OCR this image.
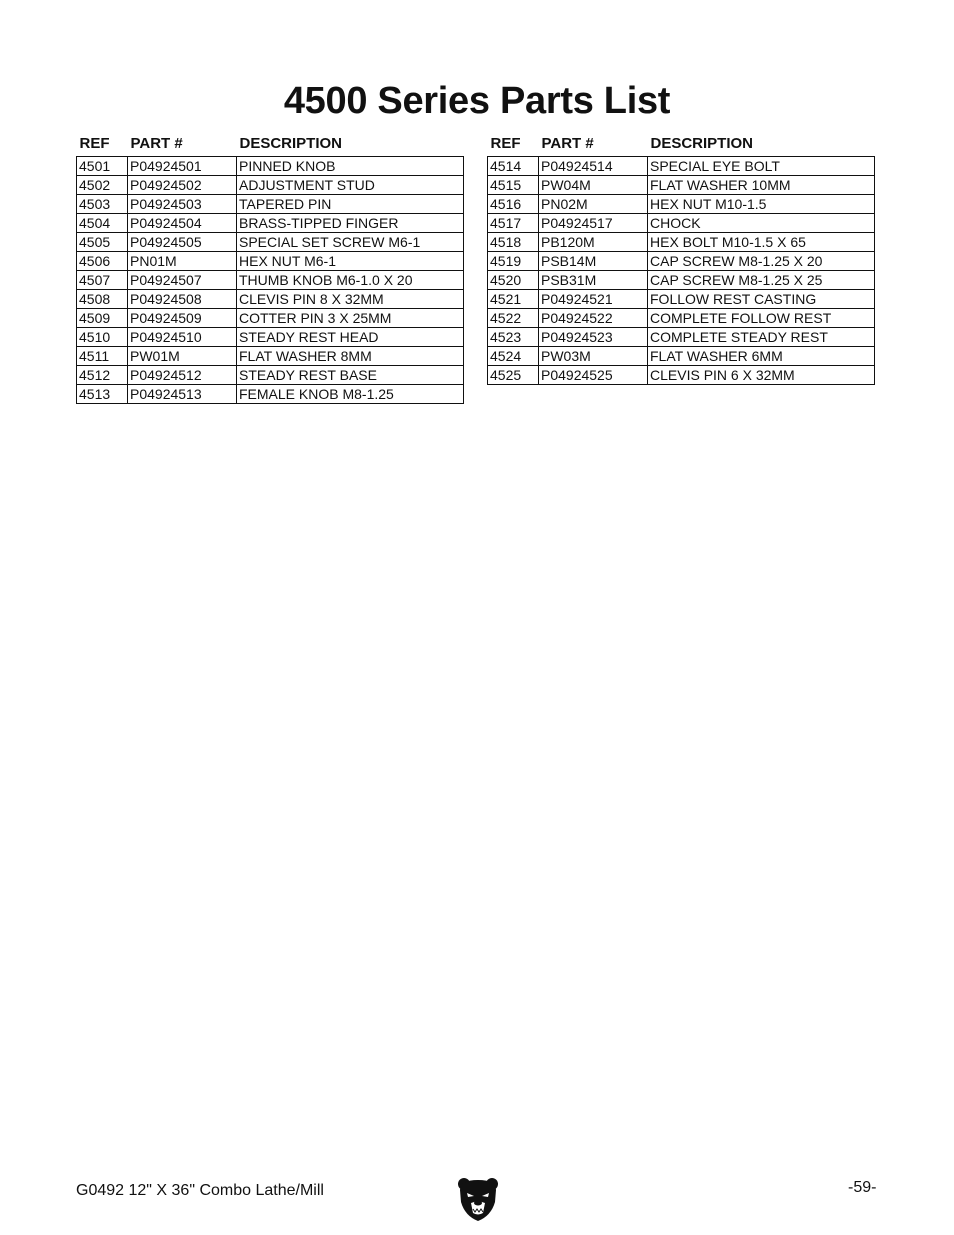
4500 Series Parts List
REF	PART #	DESCRIPTION
4501	P04924501	PINNED KNOB
4502	P04924502	ADJUSTMENT STUD
4503	P04924503	TAPERED PIN
4504	P04924504	BRASS-TIPPED FINGER
4505	P04924505	SPECIAL SET SCREW M6-1
4506	PN01M	HEX NUT M6-1
4507	P04924507	THUMB KNOB M6-1.0 X 20
4508	P04924508	CLEVIS PIN 8 X 32MM
4509	P04924509	COTTER PIN 3 X 25MM
4510	P04924510	STEADY REST HEAD
4511	PW01M	FLAT WASHER 8MM
4512	P04924512	STEADY REST BASE
4513	P04924513	FEMALE KNOB M8-1.25
REF	PART #	DESCRIPTION
4514	P04924514	SPECIAL EYE BOLT
4515	PW04M	FLAT WASHER 10MM
4516	PN02M	HEX NUT M10-1.5
4517	P04924517	CHOCK
4518	PB120M	HEX BOLT M10-1.5 X 65
4519	PSB14M	CAP SCREW M8-1.25 X 20
4520	PSB31M	CAP SCREW M8-1.25 X 25
4521	P04924521	FOLLOW REST CASTING
4522	P04924522	COMPLETE FOLLOW REST
4523	P04924523	COMPLETE STEADY REST
4524	PW03M	FLAT WASHER 6MM
4525	P04924525	CLEVIS PIN 6 X 32MM
G0492 12" X 36" Combo Lathe/Mill	-59-
